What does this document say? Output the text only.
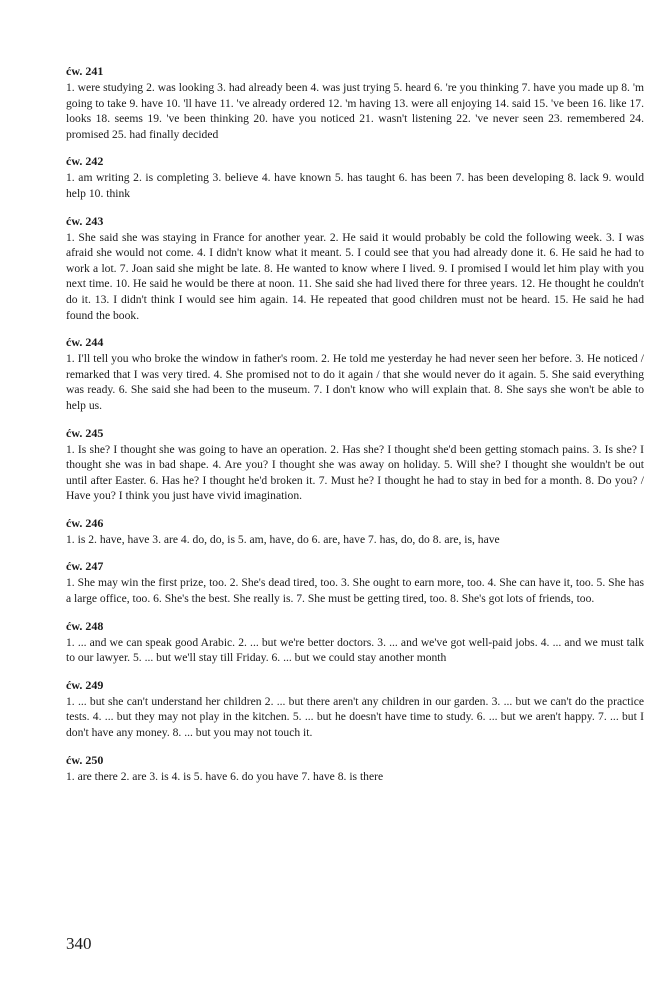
ćw. 241

1. were studying 2. was looking 3. had already been 4. was just trying 5. heard 6. 're you thinking 7. have you made up 8. 'm going to take 9. have 10. 'll have 11. 've already ordered 12. 'm having 13. were all enjoying 14. said 15. 've been 16. like 17. looks 18. seems 19. 've been thinking 20. have you noticed 21. wasn't listening 22. 've never seen 23. remembered 24. promised 25. had finally decided

ćw. 242

1. am writing 2. is completing 3. believe 4. have known 5. has taught 6. has been 7. has been developing 8. lack 9. would help 10. think

ćw. 243

1. She said she was staying in France for another year. 2. He said it would probably be cold the following week. 3. I was afraid she would not come. 4. I didn't know what it meant. 5. I could see that you had already done it. 6. He said he had to work a lot. 7. Joan said she might be late. 8. He wanted to know where I lived. 9. I promised I would let him play with you next time. 10. He said he would be there at noon. 11. She said she had lived there for three years. 12. He thought he couldn't do it. 13. I didn't think I would see him again. 14. He repeated that good children must not be heard. 15. He said he had found the book.

ćw. 244

1. I'll tell you who broke the window in father's room. 2. He told me yesterday he had never seen her before. 3. He noticed / remarked that I was very tired. 4. She promised not to do it again / that she would never do it again. 5. She said everything was ready. 6. She said she had been to the museum. 7. I don't know who will explain that. 8. She says she won't be able to help us.

ćw. 245

1. Is she? I thought she was going to have an operation. 2. Has she? I thought she'd been getting stomach pains. 3. Is she? I thought she was in bad shape. 4. Are you? I thought she was away on holiday. 5. Will she? I thought she wouldn't be out until after Easter. 6. Has he? I thought he'd broken it. 7. Must he? I thought he had to stay in bed for a month. 8. Do you? / Have you? I think you just have vivid imagination.

ćw. 246

1. is 2. have, have 3. are 4. do, do, is 5. am, have, do 6. are, have 7. has, do, do 8. are, is, have

ćw. 247

1. She may win the first prize, too. 2. She's dead tired, too. 3. She ought to earn more, too. 4. She can have it, too. 5. She has a large office, too. 6. She's the best. She really is. 7. She must be getting tired, too. 8. She's got lots of friends, too.

ćw. 248

1. ... and we can speak good Arabic. 2. ... but we're better doctors. 3. ... and we've got well-paid jobs. 4. ... and we must talk to our lawyer. 5. ... but we'll stay till Friday. 6. ... but we could stay another month

ćw. 249

1. ... but she can't understand her children 2. ... but there aren't any children in our garden. 3. ... but we can't do the practice tests. 4. ... but they may not play in the kitchen. 5. ... but he doesn't have time to study. 6. ... but we aren't happy. 7. ... but I don't have any money. 8. ... but you may not touch it.

ćw. 250

1. are there 2. are 3. is 4. is 5. have 6. do you have 7. have 8. is there

340
